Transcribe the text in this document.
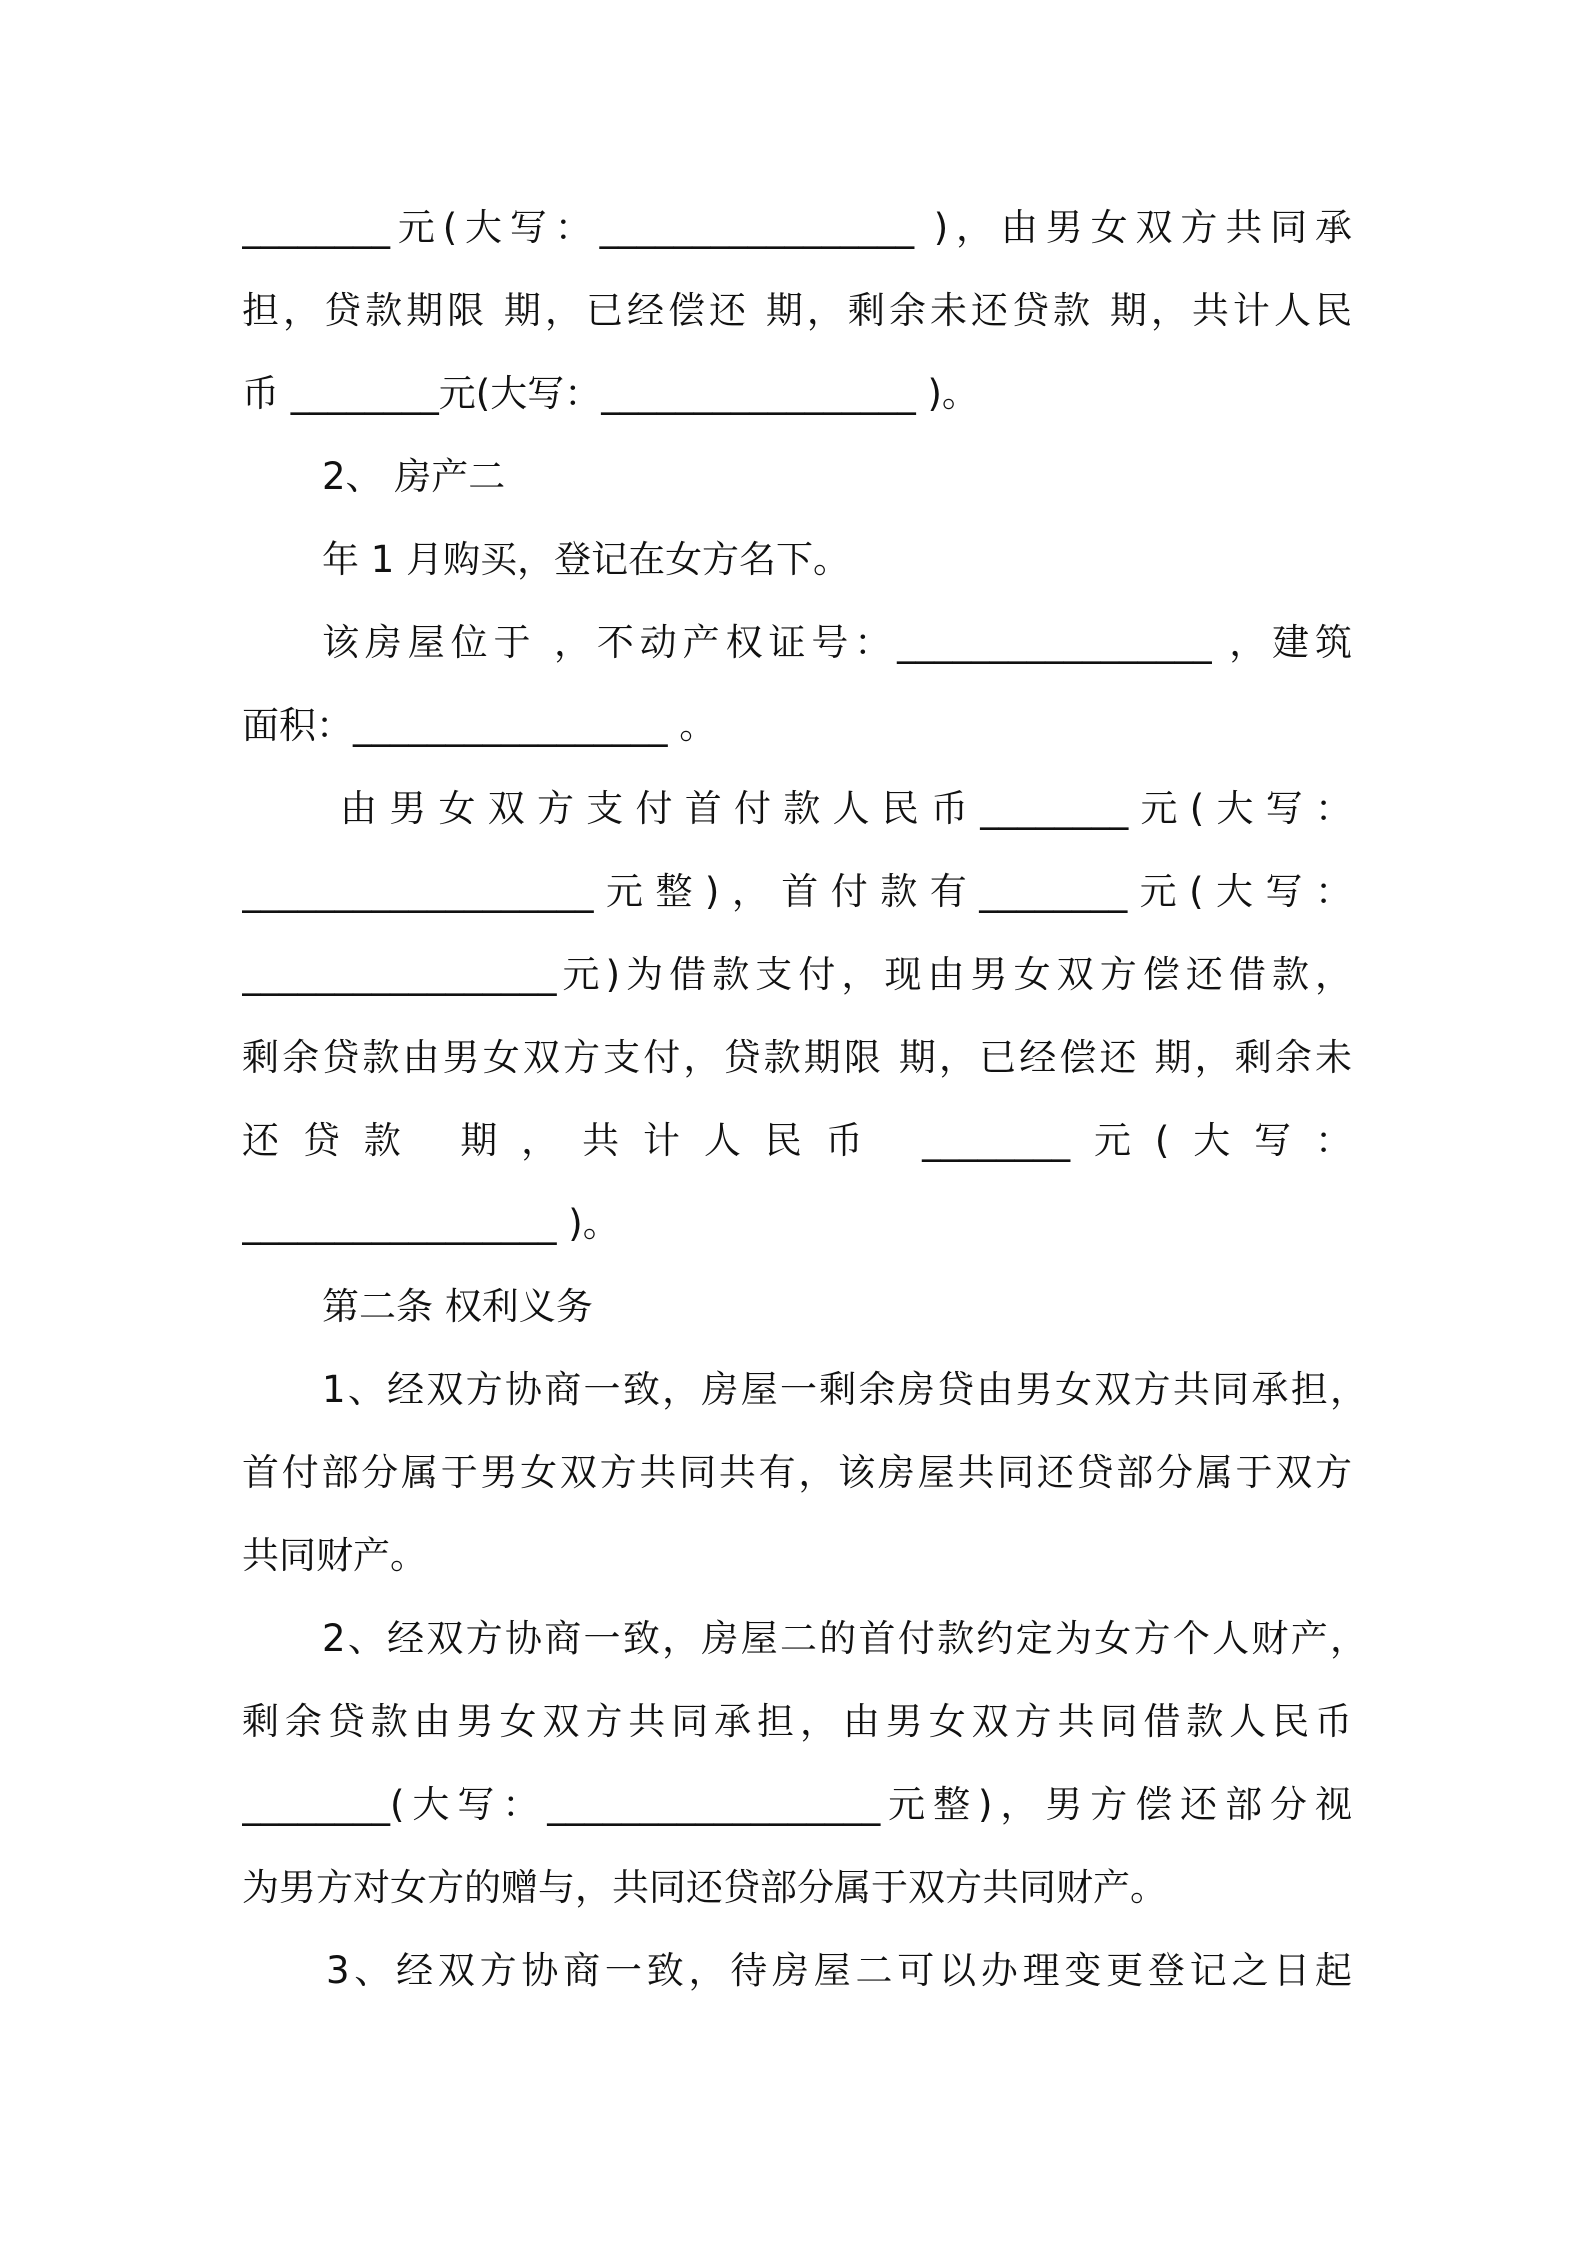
________元(大写：_________________ )，由男女双方共同承
担，贷款期限 期，已经偿还 期，剩余未还贷款 期，共计人民
币 ________元(大写：_________________ )。
2、 房产二
年 1 月购买，登记在女方名下。
该房屋位于 ，不动产权证号：_________________ ，建筑
面积：_________________ 。
由男女双方支付首付款人民币________元(大写：
___________________元整)，首付款有________元(大写：
_________________元)为借款支付，现由男女双方偿还借款，
剩余贷款由男女双方支付，贷款期限 期，已经偿还 期，剩余未
还贷款 期，共计人民币 ________元(大写：
_________________ )。
第二条 权利义务
1、经双方协商一致，房屋一剩余房贷由男女双方共同承担，
首付部分属于男女双方共同共有，该房屋共同还贷部分属于双方
共同财产。
2、经双方协商一致，房屋二的首付款约定为女方个人财产，
剩余贷款由男女双方共同承担，由男女双方共同借款人民币
________(大写：__________________元整)，男方偿还部分视
为男方对女方的赠与，共同还贷部分属于双方共同财产。
3、经双方协商一致，待房屋二可以办理变更登记之日起
